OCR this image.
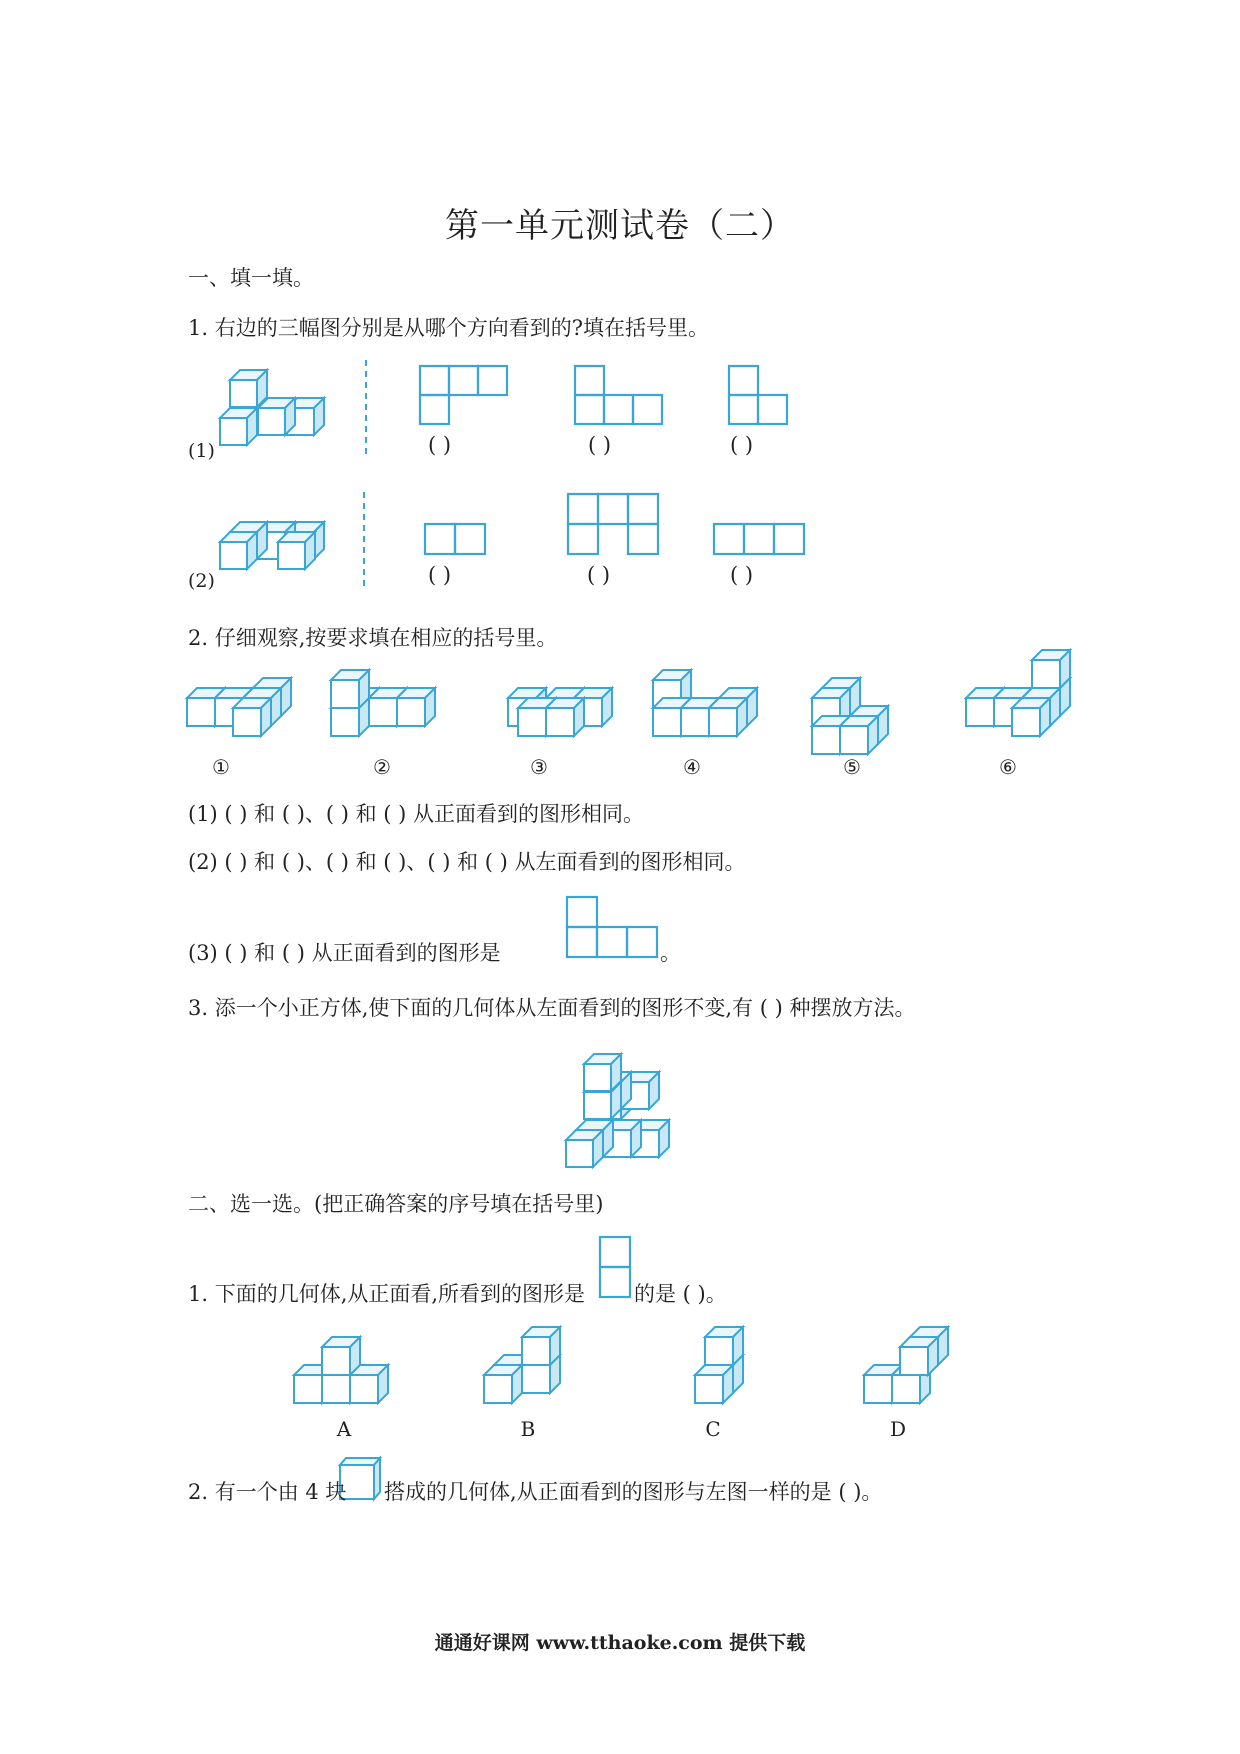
第一单元测试卷（二）
一、填一填。
1. 右边的三幅图分别是从哪个方向看到的?填在括号里。
(1)
(2)
( )	( )	( )
( )	( )	( )
2. 仔细观察,按要求填在相应的括号里。
①	②	③	④	⑤	⑥
(1) ( ) 和 ( )、( ) 和 ( ) 从正面看到的图形相同。
(2) ( ) 和 ( )、( ) 和 ( )、( ) 和 ( ) 从左面看到的图形相同。
(3) ( ) 和 ( ) 从正面看到的图形是	。
3. 添一个小正方体,使下面的几何体从左面看到的图形不变,有 ( ) 种摆放方法。
二、选一选。(把正确答案的序号填在括号里)
1. 下面的几何体,从正面看,所看到的图形是 的是 ( )。
A	B	C	D
2. 有一个由 4 块 搭成的几何体,从正面看到的图形与左图一样的是 ( )。
通通好课网 www.tthaoke.com 提供下载
